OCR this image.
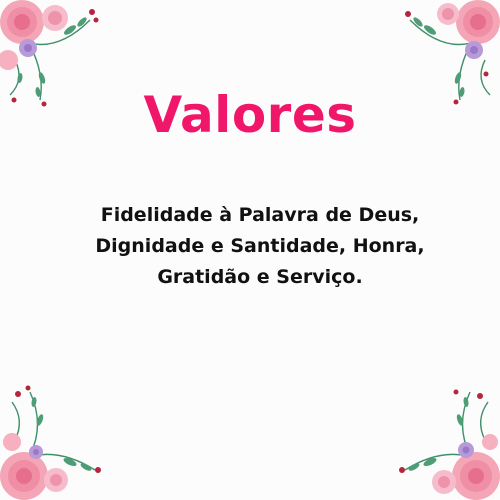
Valores

Fidelidade à Palavra de Deus,
Dignidade e Santidade, Honra,
Gratidão e Serviço.
